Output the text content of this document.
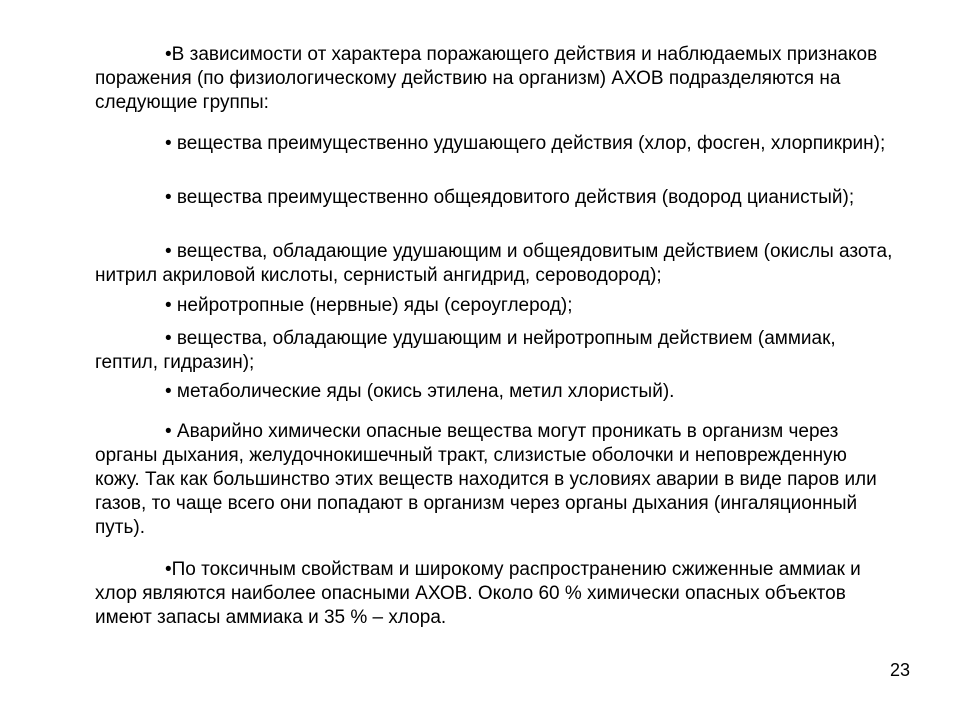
•В зависимости от характера поражающего действия и наблюдаемых признаков поражения (по физиологическому действию на организм) АХОВ подразделяются на следующие группы:

• вещества преимущественно удушающего действия (хлор, фосген, хлорпикрин);

• вещества преимущественно общеядовитого действия (водород цианистый);

• вещества, обладающие удушающим и общеядовитым действием (окислы азота, нитрил акриловой кислоты, сернистый ангидрид, сероводород);

• нейротропные (нервные) яды (сероуглерод);

• вещества, обладающие удушающим и нейротропным действием (аммиак, гептил, гидразин);

• метаболические яды (окись этилена, метил хлористый).

• Аварийно химически опасные вещества могут проникать в организм через органы дыхания, желудочнокишечный тракт, слизистые оболочки и неповрежденную кожу. Так как большинство этих веществ находится в условиях аварии в виде паров или газов, то чаще всего они попадают в организм через органы дыхания (ингаляционный путь).

•По токсичным свойствам и широкому распространению сжиженные аммиак и хлор являются наиболее опасными АХОВ. Около 60 % химически опасных объектов имеют запасы аммиака и 35 % – хлора.

23
